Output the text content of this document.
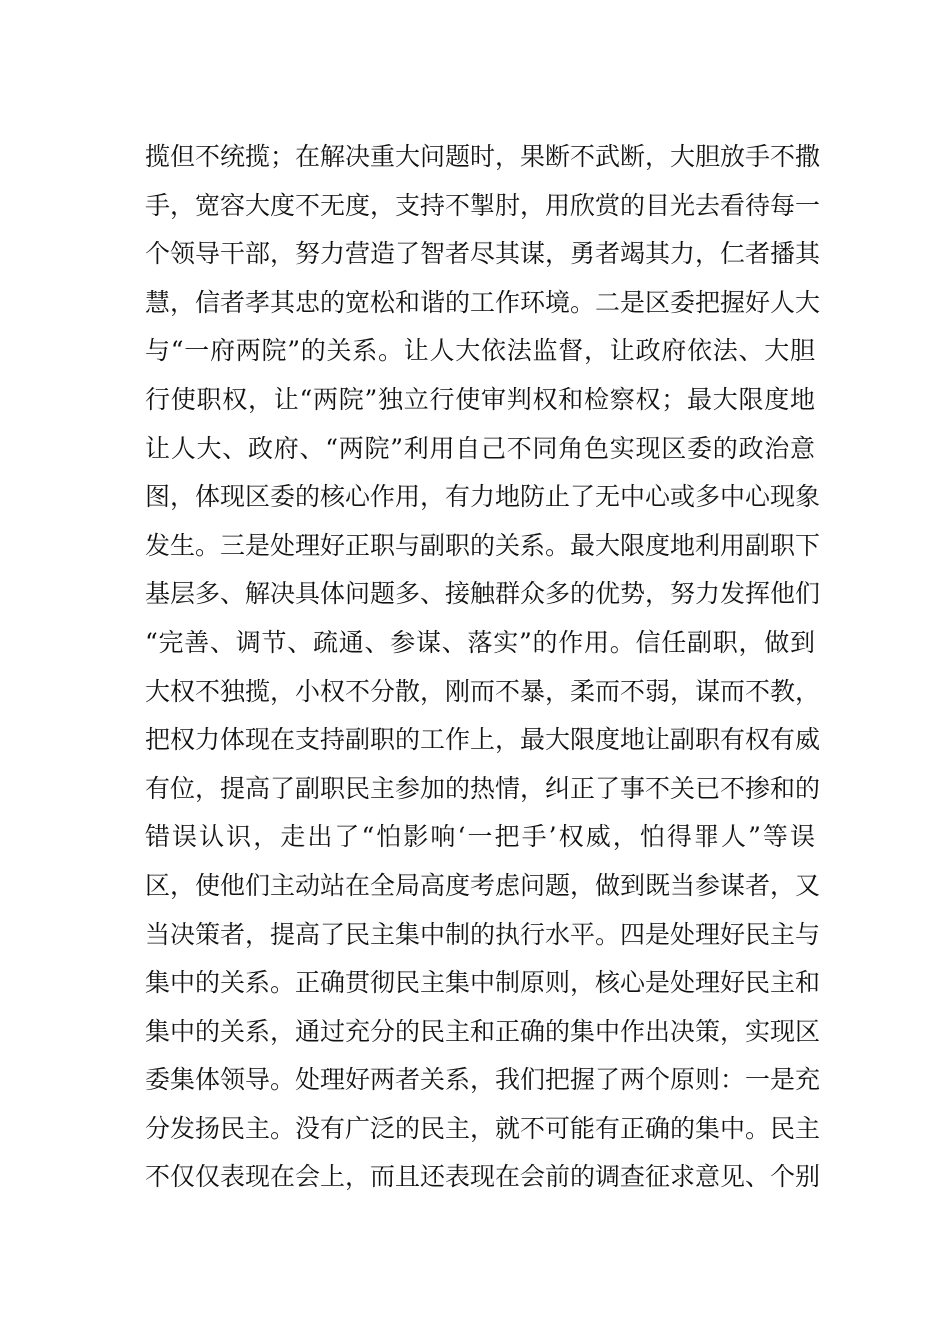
揽但不统揽；在解决重大问题时，果断不武断，大胆放手不撒
手，宽容大度不无度，支持不掣肘，用欣赏的目光去看待每一
个领导干部，努力营造了智者尽其谋，勇者竭其力，仁者播其
慧，信者孝其忠的宽松和谐的工作环境。二是区委把握好人大
与“一府两院”的关系。让人大依法监督，让政府依法、大胆
行使职权，让“两院”独立行使审判权和检察权；最大限度地
让人大、政府、“两院”利用自己不同角色实现区委的政治意
图，体现区委的核心作用，有力地防止了无中心或多中心现象
发生。三是处理好正职与副职的关系。最大限度地利用副职下
基层多、解决具体问题多、接触群众多的优势，努力发挥他们
“完善、调节、疏通、参谋、落实”的作用。信任副职，做到
大权不独揽，小权不分散，刚而不暴，柔而不弱，谋而不教，
把权力体现在支持副职的工作上，最大限度地让副职有权有威
有位，提高了副职民主参加的热情，纠正了事不关已不掺和的
错误认识，走出了“怕影响‘一把手’权威，怕得罪人”等误
区，使他们主动站在全局高度考虑问题，做到既当参谋者，又
当决策者，提高了民主集中制的执行水平。四是处理好民主与
集中的关系。正确贯彻民主集中制原则，核心是处理好民主和
集中的关系，通过充分的民主和正确的集中作出决策，实现区
委集体领导。处理好两者关系，我们把握了两个原则：一是充
分发扬民主。没有广泛的民主，就不可能有正确的集中。民主
不仅仅表现在会上，而且还表现在会前的调查征求意见、个别
